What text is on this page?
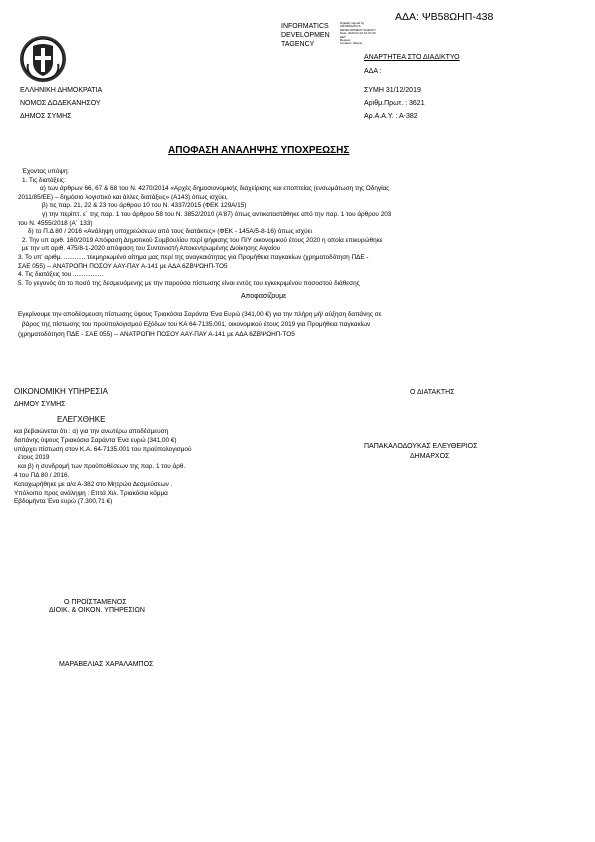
ΑΔΑ: ΨΒ58ΩΗΠ-438
INFORMATICS
DEVELOPMEN
TAGENCY
Digitally signed by
INFORMATICS
DEVELOPMENT AGENCY
Date: 2020.01.02 12:27:29
EET
Reason:
Location: Athens
ΑΝΑΡΤΗΤΕΑ ΣΤΟ ΔΙΑΔΙΚΤΥΟ
ΑΔΑ :
ΕΛΛΗΝΙΚΗ ΔΗΜΟΚΡΑΤΙΑ
ΝΟΜΟΣ ΔΩΔΕΚΑΝΗΣΟΥ
ΔΗΜΟΣ ΣΥΜΗΣ
ΣΥΜΗ 31/12/2019
Αριθμ.Πρωτ. : 3621
Αρ.Α.Α.Υ. : Α-382
ΑΠΟΦΑΣΗ ΑΝΑΛΗΨΗΣ ΥΠΟΧΡΕΩΣΗΣ

Έχοντας υπόψη:

1. Τις διατάξεις:

α) των άρθρων 66, 67 & 68 του Ν. 4270/2014 «Αρχές δημοσιονομικής διαχείρισης και εποπτείας (ενσωμάτωση της Οδηγίας

2011/85/ΕΕ) – δημόσιο λογιστικό και άλλες διατάξεις» (Α143) όπως ισχύει,

β) τις παρ. 21, 22 & 23 του άρθρου 10 του Ν. 4337/2015 (ΦΕΚ 129Α/15)

γ) την περίπτ. ε΄ της παρ. 1 του άρθρου 58 του Ν. 3852/2010 (Α'87) όπως αντικαταστάθηκε από την παρ. 1 του άρθρου 203

του Ν. 4555/2018 (Α΄ 133)

δ) το Π.Δ 80 / 2016 «Ανάληψη υποχρεώσεων από τους διατάκτες» (ΦΕΚ - 145Α/5-8-16) όπως ισχύει

2. Την υπ αριθ. 160/2019 Απόφαση Δημοτικού Συμβουλίου περί ψήφισης του Π/Υ οικονομικού έτους 2020 η οποία επικυρώθηκε

με την υπ αριθ. 475/8-1-2020 απόφαση του Συντονιστή Αποκεντρωμένης Διοίκησης Αιγαίου

3. Το υπ' αριθμ. ............ τεκμηριωμένο αίτημα μας περί της αναγκαιότητας για Προμήθεια παγκακίων (χρηματοδότηση ΠΔΕ -

ΣΑΕ 055) -- ΑΝΑΤΡΟΠΗ ΠΟΣΟΥ ΑΑΥ-ΠΑΥ Α-141 με ΑΔΑ 6ΖΒΨΩΗΠ-ΤΟ5

4. Τις διατάξεις του .................

5. Το γεγονός ότι το ποσό της δεσμευόμενης με την παρούσα πίστωσης είναι εντός του εγκεκριμένου ποσοστού διάθεσης

Αποφασίζουμε

Εγκρίνουμε την αποδέσμευση πίστωσης ύψους Τριακόσια Σαράντα Ένα Ευρώ (341,00 €) για την πλήρη μή/ αύξηση δαπάνης σε

βάρος της πίστωσης του προϋπολογισμού Εξόδων του ΚΑ 64-7135.001, οικονομικού έτους 2019 για Προμήθεια παγκακίων

(χρηματοδότηση ΠΔΕ - ΣΑΕ 055) -- ΑΝΑΤΡΟΠΗ ΠΟΣΟΥ ΑΑΥ-ΠΑΥ Α-141 με ΑΔΑ 6ΖΒΨΩΗΠ-ΤΟ5

ΟΙΚΟΝΟΜΙΚΗ ΥΠΗΡΕΣΙΑ
ΔΗΜΟΥ ΣΥΜΗΣ
ΕΛΕΓΧΘΗΚΕ

και βεβαιώνεται ότι : α) για την ανωτέρω αποδέσμευση

δαπάνης ύψους Τριακόσια Σαράντα Ένα ευρώ (341,00 €)

υπάρχει πίστωση στον Κ.Α. 64-7135.001 του προϋπολογισμού

έτους 2019

και β) η συνδρομή των προϋποθέσεων της παρ. 1 του άρθ.

4 του ΠΔ 80 / 2016.

Καταχωρήθηκε με α/α Α-382 στο Μητρώο Δεσμεύσεων .

Υπόλοιπο προς ανάληψη : Επτά Χιλ. Τριακόσια κόμμα

Εβδομήντα Ένα ευρώ (7.300,71 €)

Ο ΔΙΑΤΑΚΤΗΣ
ΠΑΠΑΚΑΛΟΔΟΥΚΑΣ ΕΛΕΥΘΕΡΙΟΣ
ΔΗΜΑΡΧΟΣ
Ο ΠΡΟΪΣΤΑΜΕΝΟΣ
ΔΙΟΙΚ. & ΟΙΚΟΝ. ΥΠΗΡΕΣΙΩΝ
ΜΑΡΑΒΕΛΙΑΣ ΧΑΡΑΛΑΜΠΟΣ
